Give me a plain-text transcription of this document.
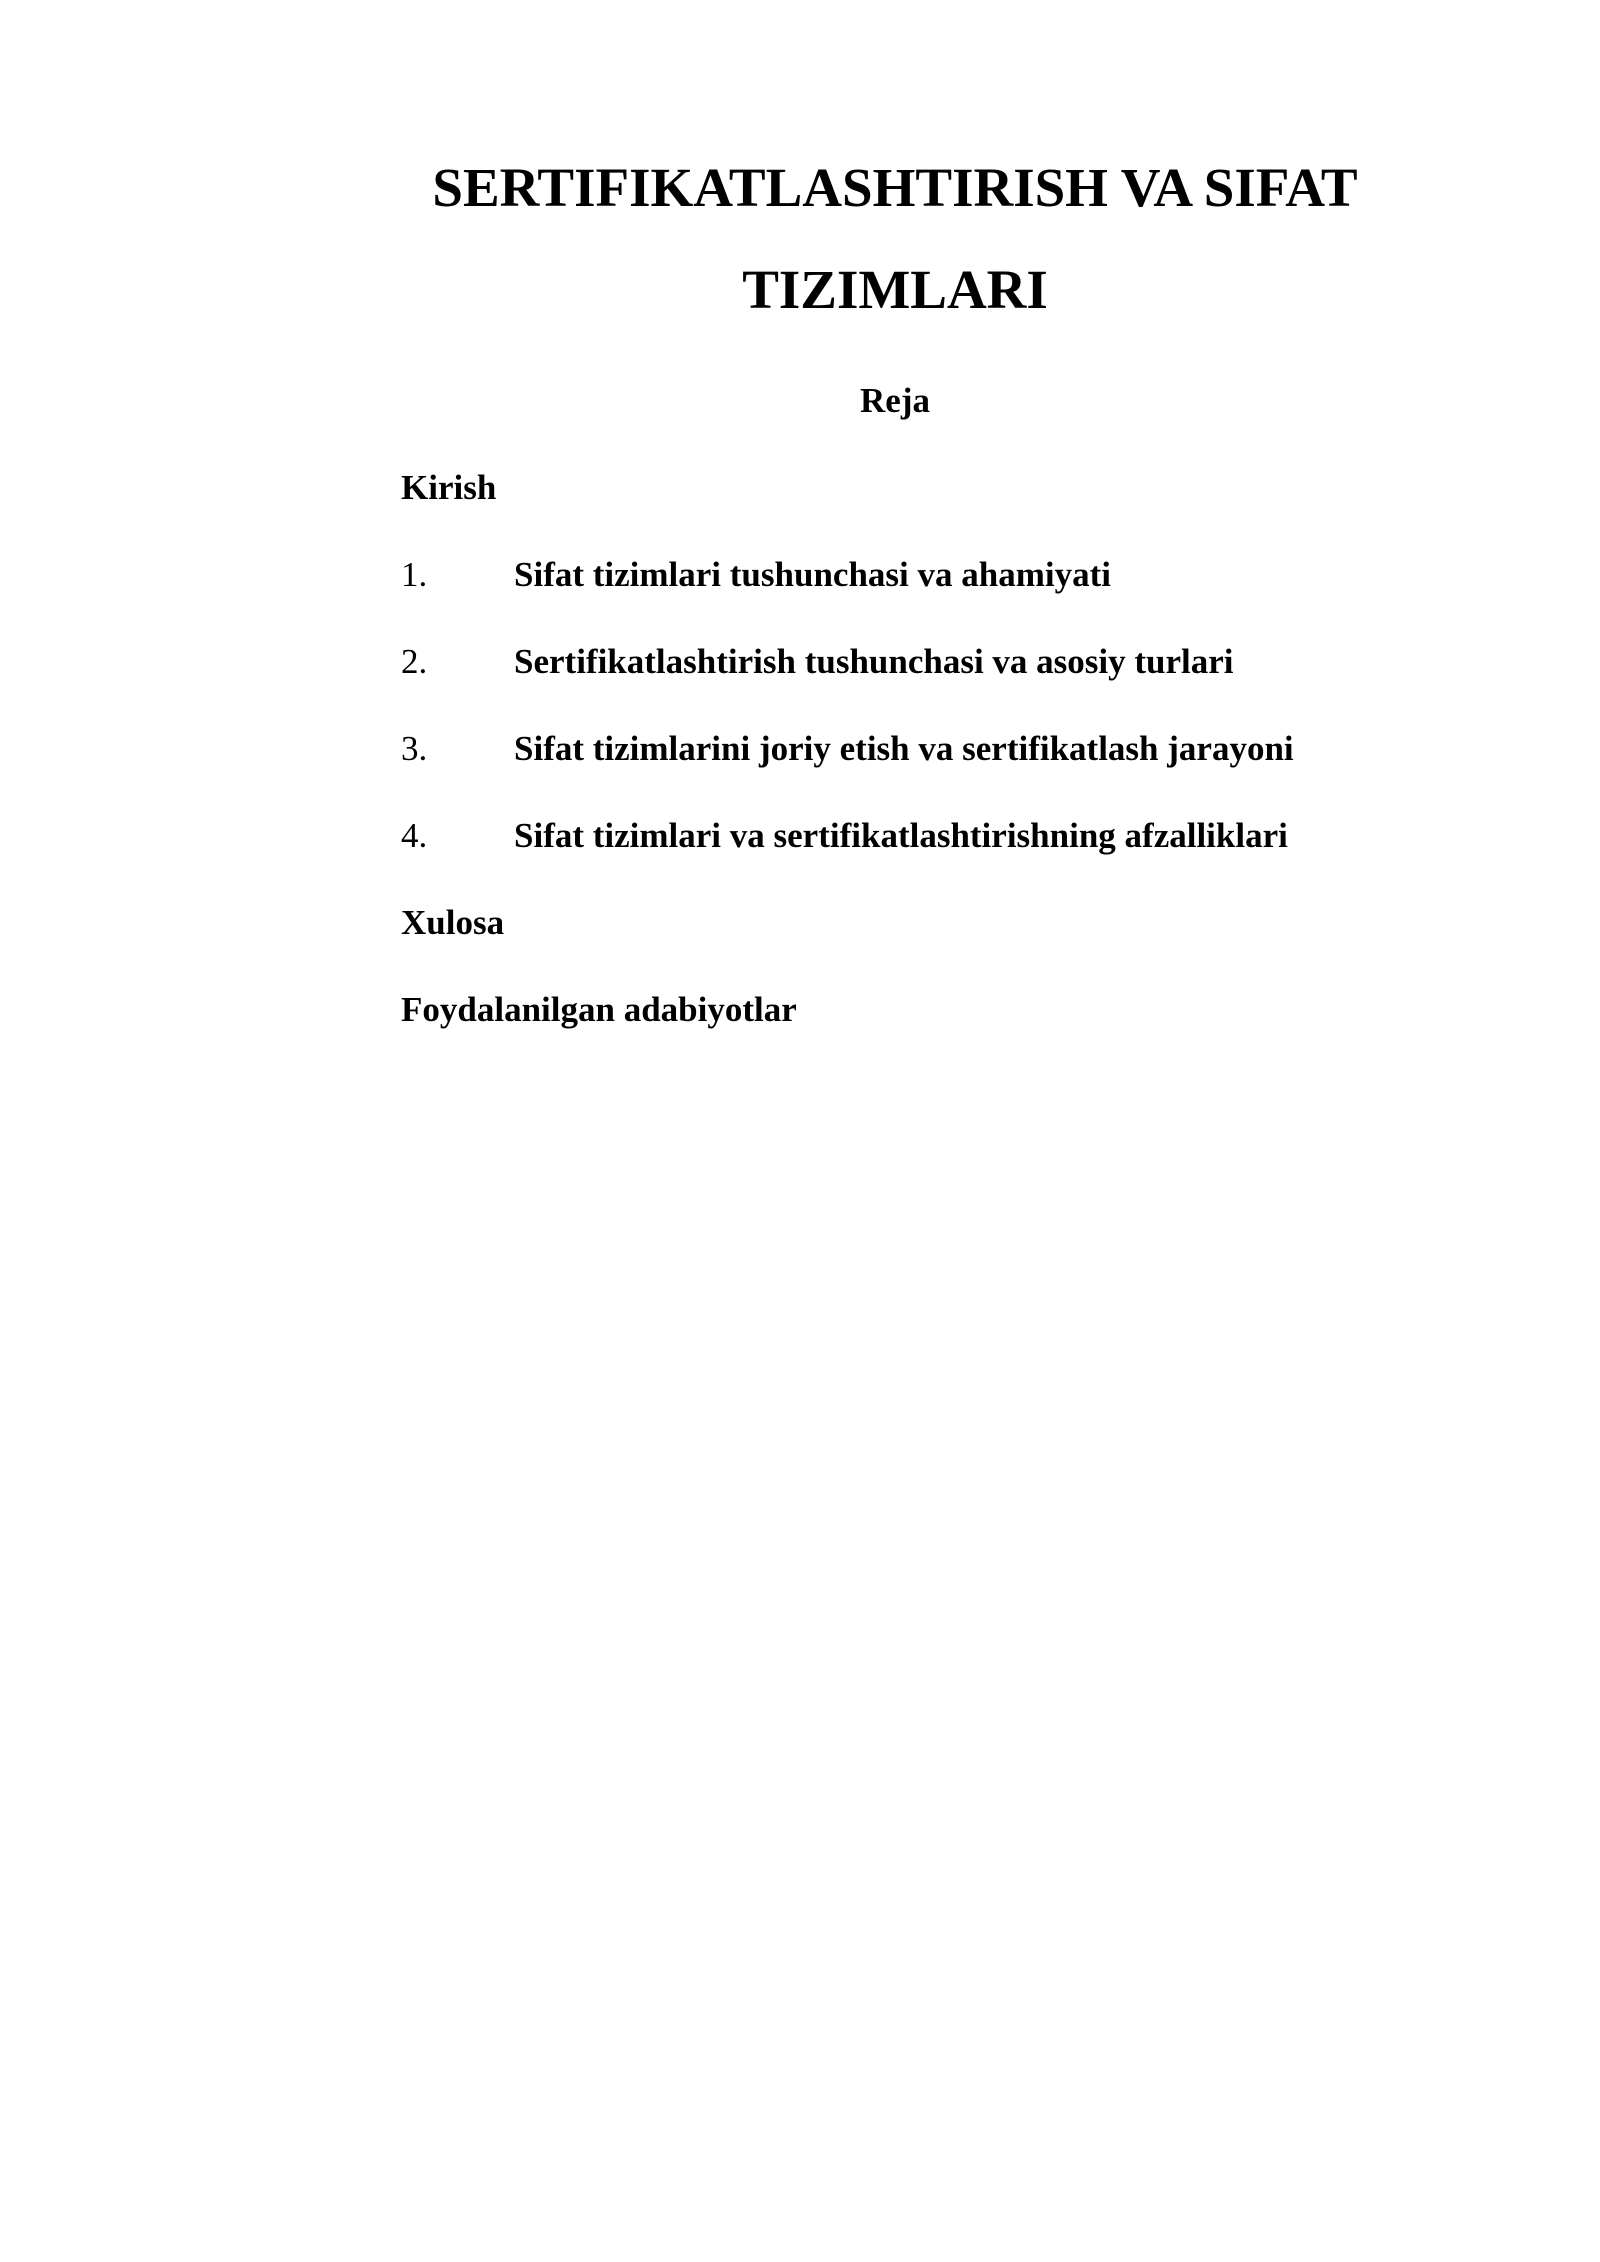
SERTIFIKATLASHTIRISH VA SIFAT
TIZIMLARI
Reja
Kirish
1. Sifat tizimlari tushunchasi va ahamiyati
2. Sertifikatlashtirish tushunchasi va asosiy turlari
3. Sifat tizimlarini joriy etish va sertifikatlash jarayoni
4. Sifat tizimlari va sertifikatlashtirishning afzalliklari
Xulosa
Foydalanilgan adabiyotlar
